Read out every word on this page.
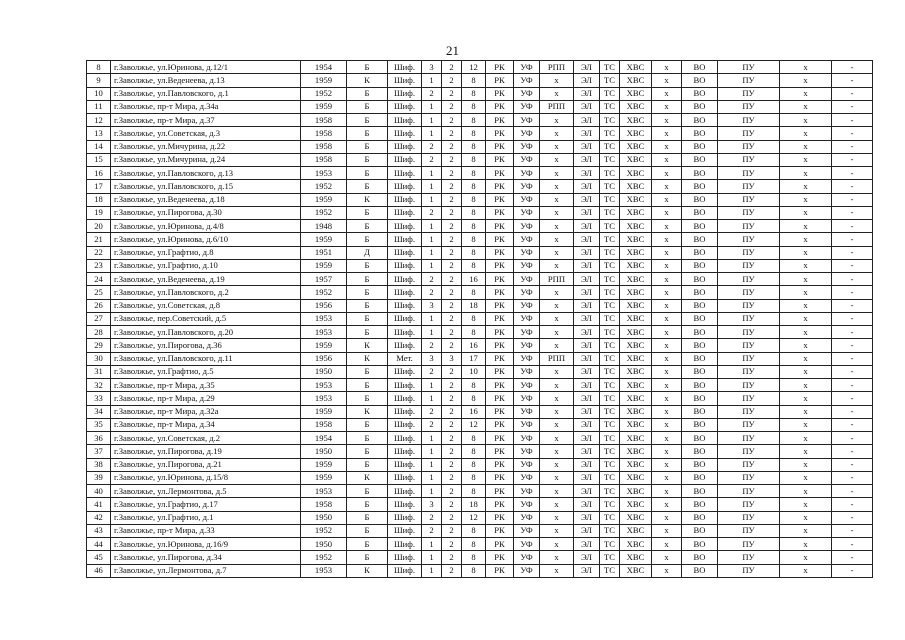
21
8	г.Заволжье, ул.Юринова, д.12/1	1954	Б	Шиф.	3	2	12	РК	УФ	РПП	ЭЛ	ТС	ХВС	х	ВО	ПУ	х	-
9	г.Заволжье, ул.Веденеева, д.13	1959	К	Шиф.	1	2	8	РК	УФ	х	ЭЛ	ТС	ХВС	х	ВО	ПУ	х	-
10	г.Заволжье, ул.Павловского, д.1	1952	Б	Шиф.	2	2	8	РК	УФ	х	ЭЛ	ТС	ХВС	х	ВО	ПУ	х	-
11	г.Заволжье, пр-т Мира, д.34а	1959	Б	Шиф.	1	2	8	РК	УФ	РПП	ЭЛ	ТС	ХВС	х	ВО	ПУ	х	-
12	г.Заволжье, пр-т Мира, д.37	1958	Б	Шиф.	1	2	8	РК	УФ	х	ЭЛ	ТС	ХВС	х	ВО	ПУ	х	-
13	г.Заволжье, ул.Советская, д.3	1958	Б	Шиф.	1	2	8	РК	УФ	х	ЭЛ	ТС	ХВС	х	ВО	ПУ	х	-
14	г.Заволжье, ул.Мичурина, д.22	1958	Б	Шиф.	2	2	8	РК	УФ	х	ЭЛ	ТС	ХВС	х	ВО	ПУ	х	-
15	г.Заволжье, ул.Мичурина, д.24	1958	Б	Шиф.	2	2	8	РК	УФ	х	ЭЛ	ТС	ХВС	х	ВО	ПУ	х	-
16	г.Заволжье, ул.Павловского, д.13	1953	Б	Шиф.	1	2	8	РК	УФ	х	ЭЛ	ТС	ХВС	х	ВО	ПУ	х	-
17	г.Заволжье, ул.Павловского, д.15	1952	Б	Шиф.	1	2	8	РК	УФ	х	ЭЛ	ТС	ХВС	х	ВО	ПУ	х	-
18	г.Заволжье, ул.Веденеева, д.18	1959	К	Шиф.	1	2	8	РК	УФ	х	ЭЛ	ТС	ХВС	х	ВО	ПУ	х	-
19	г.Заволжье, ул.Пирогова, д.30	1952	Б	Шиф.	2	2	8	РК	УФ	х	ЭЛ	ТС	ХВС	х	ВО	ПУ	х	-
20	г.Заволжье, ул.Юринова, д.4/8	1948	Б	Шиф.	1	2	8	РК	УФ	х	ЭЛ	ТС	ХВС	х	ВО	ПУ	х	-
21	г.Заволжье, ул.Юринова, д.6/10	1959	Б	Шиф.	1	2	8	РК	УФ	х	ЭЛ	ТС	ХВС	х	ВО	ПУ	х	-
22	г.Заволжье, ул.Графтио, д.8	1951	Д	Шиф.	1	2	8	РК	УФ	х	ЭЛ	ТС	ХВС	х	ВО	ПУ	х	-
23	г.Заволжье, ул.Графтио, д.10	1959	Б	Шиф.	1	2	8	РК	УФ	х	ЭЛ	ТС	ХВС	х	ВО	ПУ	х	-
24	г.Заволжье, ул.Веденеева, д.19	1957	Б	Шиф.	2	2	16	РК	УФ	РПП	ЭЛ	ТС	ХВС	х	ВО	ПУ	х	-
25	г.Заволжье, ул.Павловского, д.2	1952	Б	Шиф.	2	2	8	РК	УФ	х	ЭЛ	ТС	ХВС	х	ВО	ПУ	х	-
26	г.Заволжье, ул.Советская, д.8	1956	Б	Шиф.	3	2	18	РК	УФ	х	ЭЛ	ТС	ХВС	х	ВО	ПУ	х	-
27	г.Заволжье, пер.Советский, д.5	1953	Б	Шиф.	1	2	8	РК	УФ	х	ЭЛ	ТС	ХВС	х	ВО	ПУ	х	-
28	г.Заволжье, ул.Павловского, д.20	1953	Б	Шиф.	1	2	8	РК	УФ	х	ЭЛ	ТС	ХВС	х	ВО	ПУ	х	-
29	г.Заволжье, ул.Пирогова, д.36	1959	К	Шиф.	2	2	16	РК	УФ	х	ЭЛ	ТС	ХВС	х	ВО	ПУ	х	-
30	г.Заволжье, ул.Павловского, д.11	1956	К	Мет.	3	3	17	РК	УФ	РПП	ЭЛ	ТС	ХВС	х	ВО	ПУ	х	-
31	г.Заволжье, ул.Графтио, д.5	1950	Б	Шиф.	2	2	10	РК	УФ	х	ЭЛ	ТС	ХВС	х	ВО	ПУ	х	-
32	г.Заволжье, пр-т Мира, д.35	1953	Б	Шиф.	1	2	8	РК	УФ	х	ЭЛ	ТС	ХВС	х	ВО	ПУ	х	-
33	г.Заволжье, пр-т Мира, д.29	1953	Б	Шиф.	1	2	8	РК	УФ	х	ЭЛ	ТС	ХВС	х	ВО	ПУ	х	-
34	г.Заволжье, пр-т Мира, д.32а	1959	К	Шиф.	2	2	16	РК	УФ	х	ЭЛ	ТС	ХВС	х	ВО	ПУ	х	-
35	г.Заволжье, пр-т Мира, д.34	1958	Б	Шиф.	2	2	12	РК	УФ	х	ЭЛ	ТС	ХВС	х	ВО	ПУ	х	-
36	г.Заволжье, ул.Советская, д.2	1954	Б	Шиф.	1	2	8	РК	УФ	х	ЭЛ	ТС	ХВС	х	ВО	ПУ	х	-
37	г.Заволжье, ул.Пирогова, д.19	1950	Б	Шиф.	1	2	8	РК	УФ	х	ЭЛ	ТС	ХВС	х	ВО	ПУ	х	-
38	г.Заволжье, ул.Пирогова, д.21	1959	Б	Шиф.	1	2	8	РК	УФ	х	ЭЛ	ТС	ХВС	х	ВО	ПУ	х	-
39	г.Заволжье, ул.Юринова, д.15/8	1959	К	Шиф.	1	2	8	РК	УФ	х	ЭЛ	ТС	ХВС	х	ВО	ПУ	х	-
40	г.Заволжье, ул.Лермонтова, д.5	1953	Б	Шиф.	1	2	8	РК	УФ	х	ЭЛ	ТС	ХВС	х	ВО	ПУ	х	-
41	г.Заволжье, ул.Графтио, д.17	1958	Б	Шиф.	3	2	18	РК	УФ	х	ЭЛ	ТС	ХВС	х	ВО	ПУ	х	-
42	г.Заволжье, ул.Графтио, д.1	1950	Б	Шиф.	2	2	12	РК	УФ	х	ЭЛ	ТС	ХВС	х	ВО	ПУ	х	-
43	г.Заволжье, пр-т Мира, д.33	1952	Б	Шиф.	2	2	8	РК	УФ	х	ЭЛ	ТС	ХВС	х	ВО	ПУ	х	-
44	г.Заволжье, ул.Юринова, д.16/9	1950	Б	Шиф.	1	2	8	РК	УФ	х	ЭЛ	ТС	ХВС	х	ВО	ПУ	х	-
45	г.Заволжье, ул.Пирогова, д.34	1952	Б	Шиф.	1	2	8	РК	УФ	х	ЭЛ	ТС	ХВС	х	ВО	ПУ	х	-
46	г.Заволжье, ул.Лермонтова, д.7	1953	К	Шиф.	1	2	8	РК	УФ	х	ЭЛ	ТС	ХВС	х	ВО	ПУ	х	-
